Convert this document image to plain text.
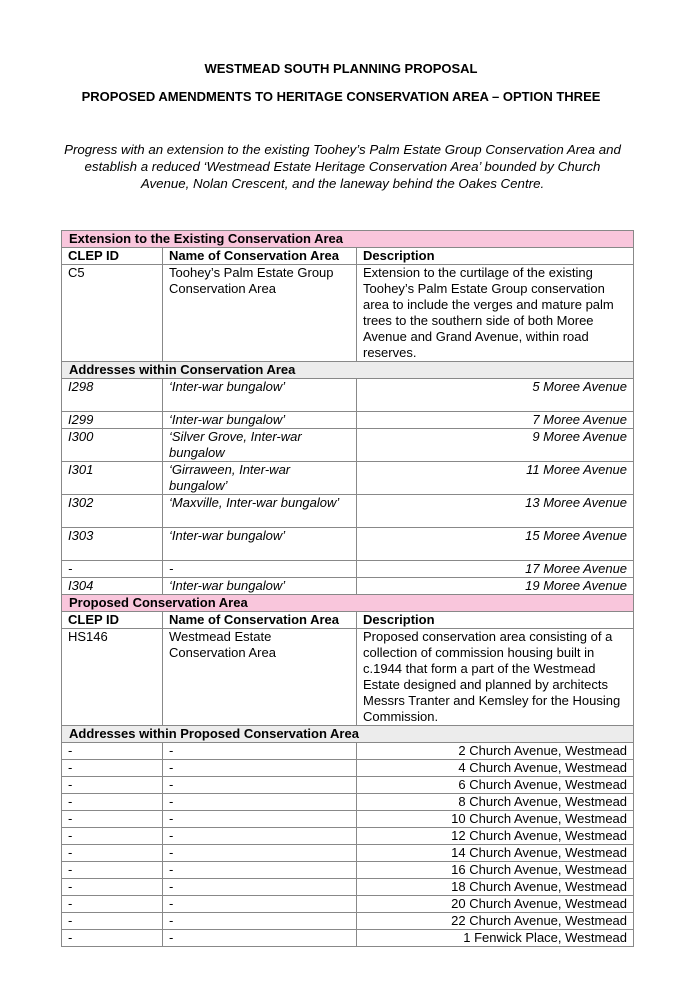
WESTMEAD SOUTH PLANNING PROPOSAL
PROPOSED AMENDMENTS TO HERITAGE CONSERVATION AREA – OPTION THREE
Progress with an extension to the existing Toohey’s Palm Estate Group Conservation Area and establish a reduced ‘Westmead Estate Heritage Conservation Area’ bounded by Church Avenue, Nolan Crescent, and the laneway behind the Oakes Centre.
Extension to the Existing Conservation Area		
CLEP ID	Name of Conservation Area	Description
C5	Toohey’s Palm Estate Group Conservation Area	Extension to the curtilage of the existing Toohey’s Palm Estate Group conservation area to include the verges and mature palm trees to the southern side of both Moree Avenue and Grand Avenue, within road reserves.
Addresses within Conservation Area		
I298	‘Inter-war bungalow’	5 Moree Avenue
I299	‘Inter-war bungalow’	7 Moree Avenue
I300	‘Silver Grove, Inter-war bungalow	9 Moree Avenue
I301	‘Girraween, Inter-war bungalow’	11 Moree Avenue
I302	‘Maxville, Inter-war bungalow’	13 Moree Avenue
I303	‘Inter-war bungalow’	15 Moree Avenue
-	-	17 Moree Avenue
I304	‘Inter-war bungalow’	19 Moree Avenue
Proposed Conservation Area		
CLEP ID	Name of Conservation Area	Description
HS146	Westmead Estate Conservation Area	Proposed conservation area consisting of a collection of commission housing built in c.1944 that form a part of the Westmead Estate designed and planned by architects Messrs Tranter and Kemsley for the Housing Commission.
Addresses within Proposed Conservation Area		
-	-	2 Church Avenue, Westmead
-	-	4 Church Avenue, Westmead
-	-	6 Church Avenue, Westmead
-	-	8 Church Avenue, Westmead
-	-	10 Church Avenue, Westmead
-	-	12 Church Avenue, Westmead
-	-	14 Church Avenue, Westmead
-	-	16 Church Avenue, Westmead
-	-	18 Church Avenue, Westmead
-	-	20 Church Avenue, Westmead
-	-	22 Church Avenue, Westmead
-	-	1 Fenwick Place, Westmead
